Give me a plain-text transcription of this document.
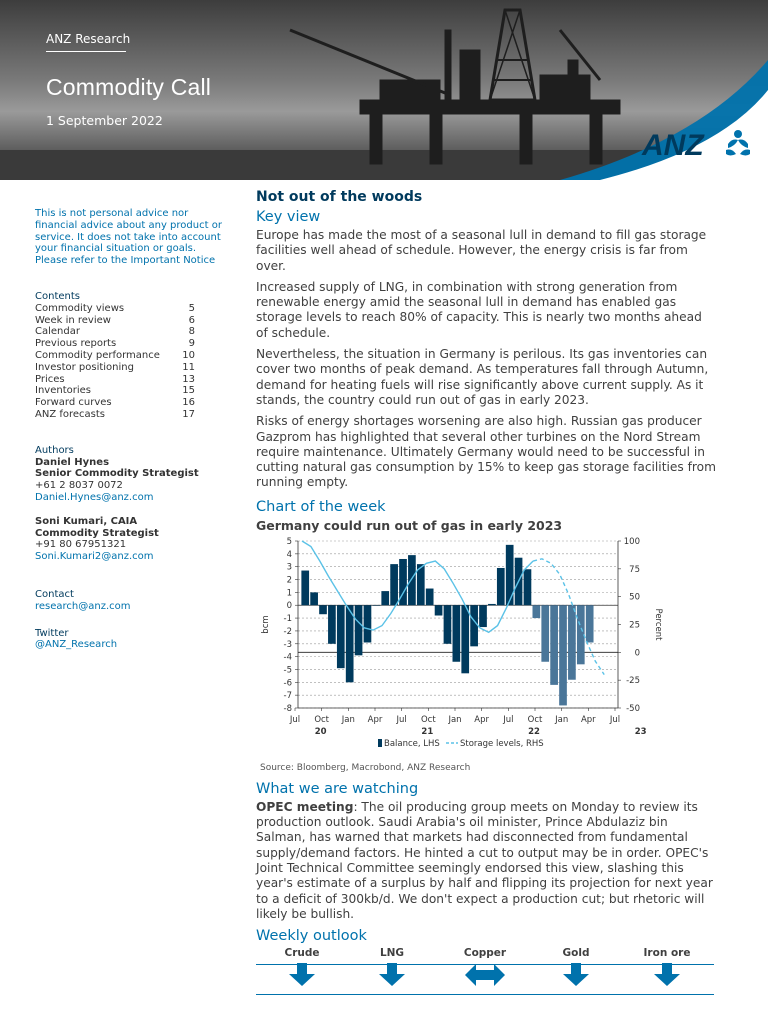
ANZ Research
Commodity Call
1 September 2022
ANZ
This is not personal advice nor financial advice about any product or service. It does not take into account your financial situation or goals. Please refer to the Important Notice
Contents
Commodity views	5
Week in review	6
Calendar	8
Previous reports	9
Commodity performance 10
Investor positioning	11
Prices	13
Inventories	15
Forward curves	16
ANZ forecasts	17
Authors
Daniel Hynes
Senior Commodity Strategist
+61 2 8037 0072
Daniel.Hynes@anz.com
Soni Kumari, CAIA
Commodity Strategist
+91 80 67951321
Soni.Kumari2@anz.com
Contact
research@anz.com
Twitter
@ANZ_Research
Not out of the woods
Key view

Europe has made the most of a seasonal lull in demand to fill gas storage facilities well ahead of schedule. However, the energy crisis is far from over.

Increased supply of LNG, in combination with strong generation from renewable energy amid the seasonal lull in demand has enabled gas storage levels to reach 80% of capacity. This is nearly two months ahead of schedule.

Nevertheless, the situation in Germany is perilous. Its gas inventories can cover two months of peak demand. As temperatures fall through Autumn, demand for heating fuels will rise significantly above current supply. As it stands, the country could run out of gas in early 2023.

Risks of energy shortages worsening are also high. Russian gas producer Gazprom has highlighted that several other turbines on the Nord Stream require maintenance. Ultimately Germany would need to be successful in cutting natural gas consumption by 15% to keep gas storage facilities from running empty.

Chart of the week
Germany could run out of gas in early 2023
5
4
3
2
1
0
-1
-2
-3
-4
-5
-6
-7
-8
100
75
50
25
0
-25
-50
bcm	Percent
Jul Oct Jan Apr Jul Oct Jan Apr Jul Oct Jan Apr Jul
20	21	22	23
Balance, LHS Storage levels, RHS
Source: Bloomberg, Macrobond, ANZ Research
What we are watching

OPEC meeting: The oil producing group meets on Monday to review its production outlook. Saudi Arabia's oil minister, Prince Abdulaziz bin Salman, has warned that markets had disconnected from fundamental supply/demand factors. He hinted a cut to output may be in order. OPEC's Joint Technical Committee seemingly endorsed this view, slashing this year's estimate of a surplus by half and flipping its projection for next year to a deficit of 300kb/d. We don't expect a production cut; but rhetoric will likely be bullish.

Weekly outlook
Crude	LNG	Copper	Gold	Iron ore
